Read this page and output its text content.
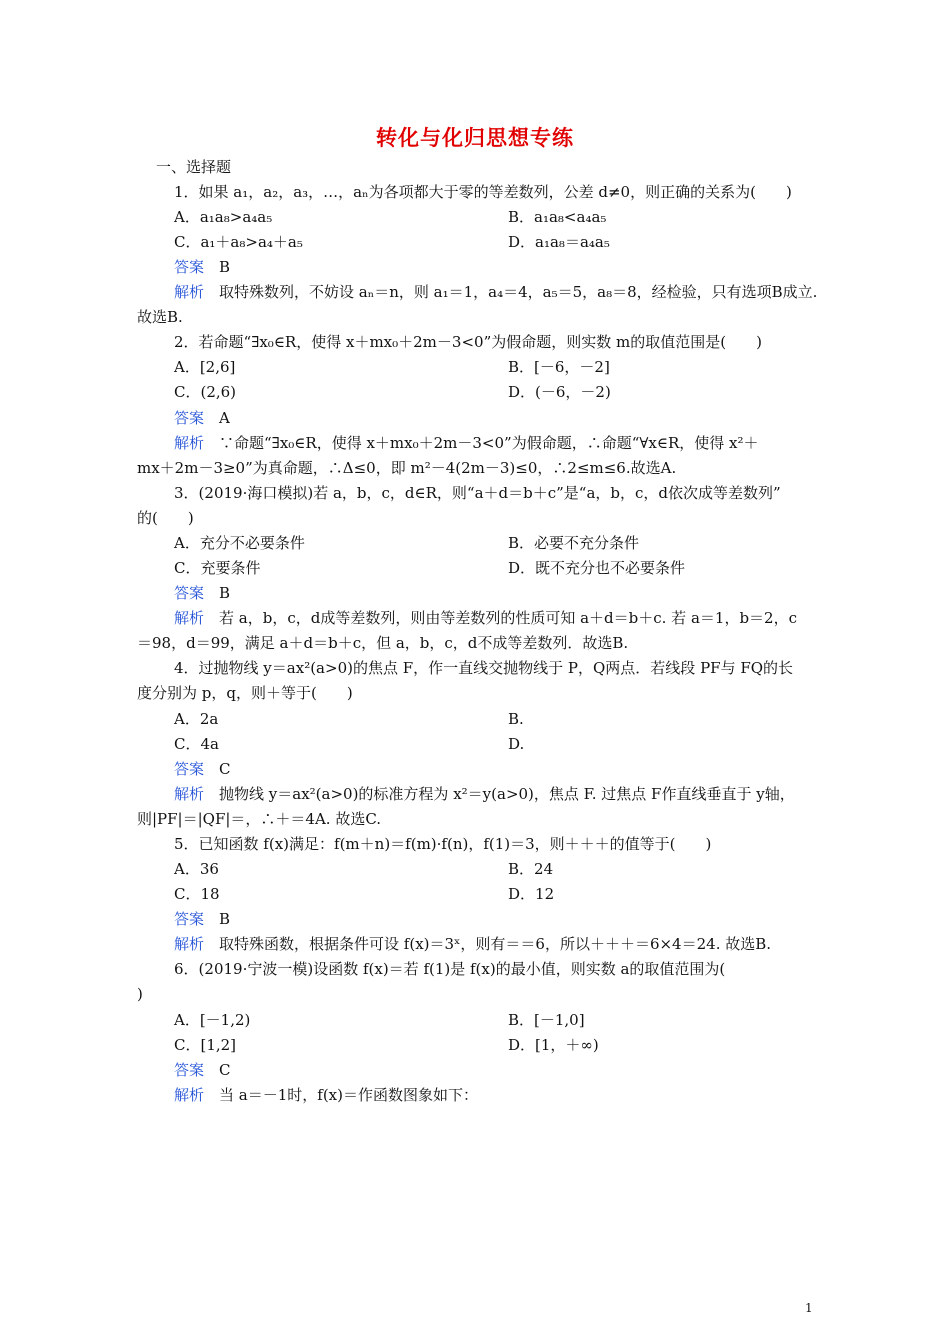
转化与化归思想专练
一、选择题
1．如果 a₁，a₂，a₃，…，aₙ为各项都大于零的等差数列，公差 d≠0，则正确的关系为(　　)
A．a₁a₈>a₄a₅	B．a₁a₈<a₄a₅
C．a₁＋a₈>a₄＋a₅	D．a₁a₈＝a₄a₅
答案　B
解析　取特殊数列，不妨设 aₙ＝n，则 a₁＝1，a₄＝4，a₅＝5，a₈＝8，经检验，只有选项B成立.
故选B.
2．若命题“∃x₀∈R，使得 x＋mx₀＋2m－3<0”为假命题，则实数 m的取值范围是(　　)
A．[2,6]	B．[－6，－2]
C．(2,6)	D．(－6，－2)
答案　A
解析　∵命题“∃x₀∈R，使得 x＋mx₀＋2m－3<0”为假命题，∴命题“∀x∈R，使得 x²＋
mx＋2m－3≥0”为真命题，∴Δ≤0，即 m²－4(2m－3)≤0，∴2≤m≤6.故选A.
3．(2019·海口模拟)若 a，b，c，d∈R，则“a＋d＝b＋c”是“a，b，c，d依次成等差数列”
的(　　)
A．充分不必要条件	B．必要不充分条件
C．充要条件	D．既不充分也不必要条件
答案　B
解析　若 a，b，c，d成等差数列，则由等差数列的性质可知 a＋d＝b＋c. 若 a＝1，b＝2，c
＝98，d＝99，满足 a＋d＝b＋c，但 a，b，c，d不成等差数列．故选B.
4．过抛物线 y＝ax²(a>0)的焦点 F，作一直线交抛物线于 P，Q两点．若线段 PF与 FQ的长
度分别为 p，q，则＋等于(　　)
A．2a	B.
C．4a	D.
答案　C
解析　抛物线 y＝ax²(a>0)的标准方程为 x²＝y(a>0)，焦点 F. 过焦点 F作直线垂直于 y轴，
则|PF|＝|QF|＝，∴＋＝4A. 故选C.
5．已知函数 f(x)满足：f(m＋n)＝f(m)·f(n)，f(1)＝3，则＋＋＋的值等于(　　)
A．36	B．24
C．18	D．12
答案　B
解析　取特殊函数，根据条件可设 f(x)＝3ˣ，则有＝＝6，所以＋＋＋＝6×4＝24. 故选B.
6．(2019·宁波一模)设函数 f(x)＝若 f(1)是 f(x)的最小值，则实数 a的取值范围为(
)
A．[－1,2)	B．[－1,0]
C．[1,2]	D．[1，＋∞)
答案　C
解析　当 a＝－1时，f(x)＝作函数图象如下：
1
